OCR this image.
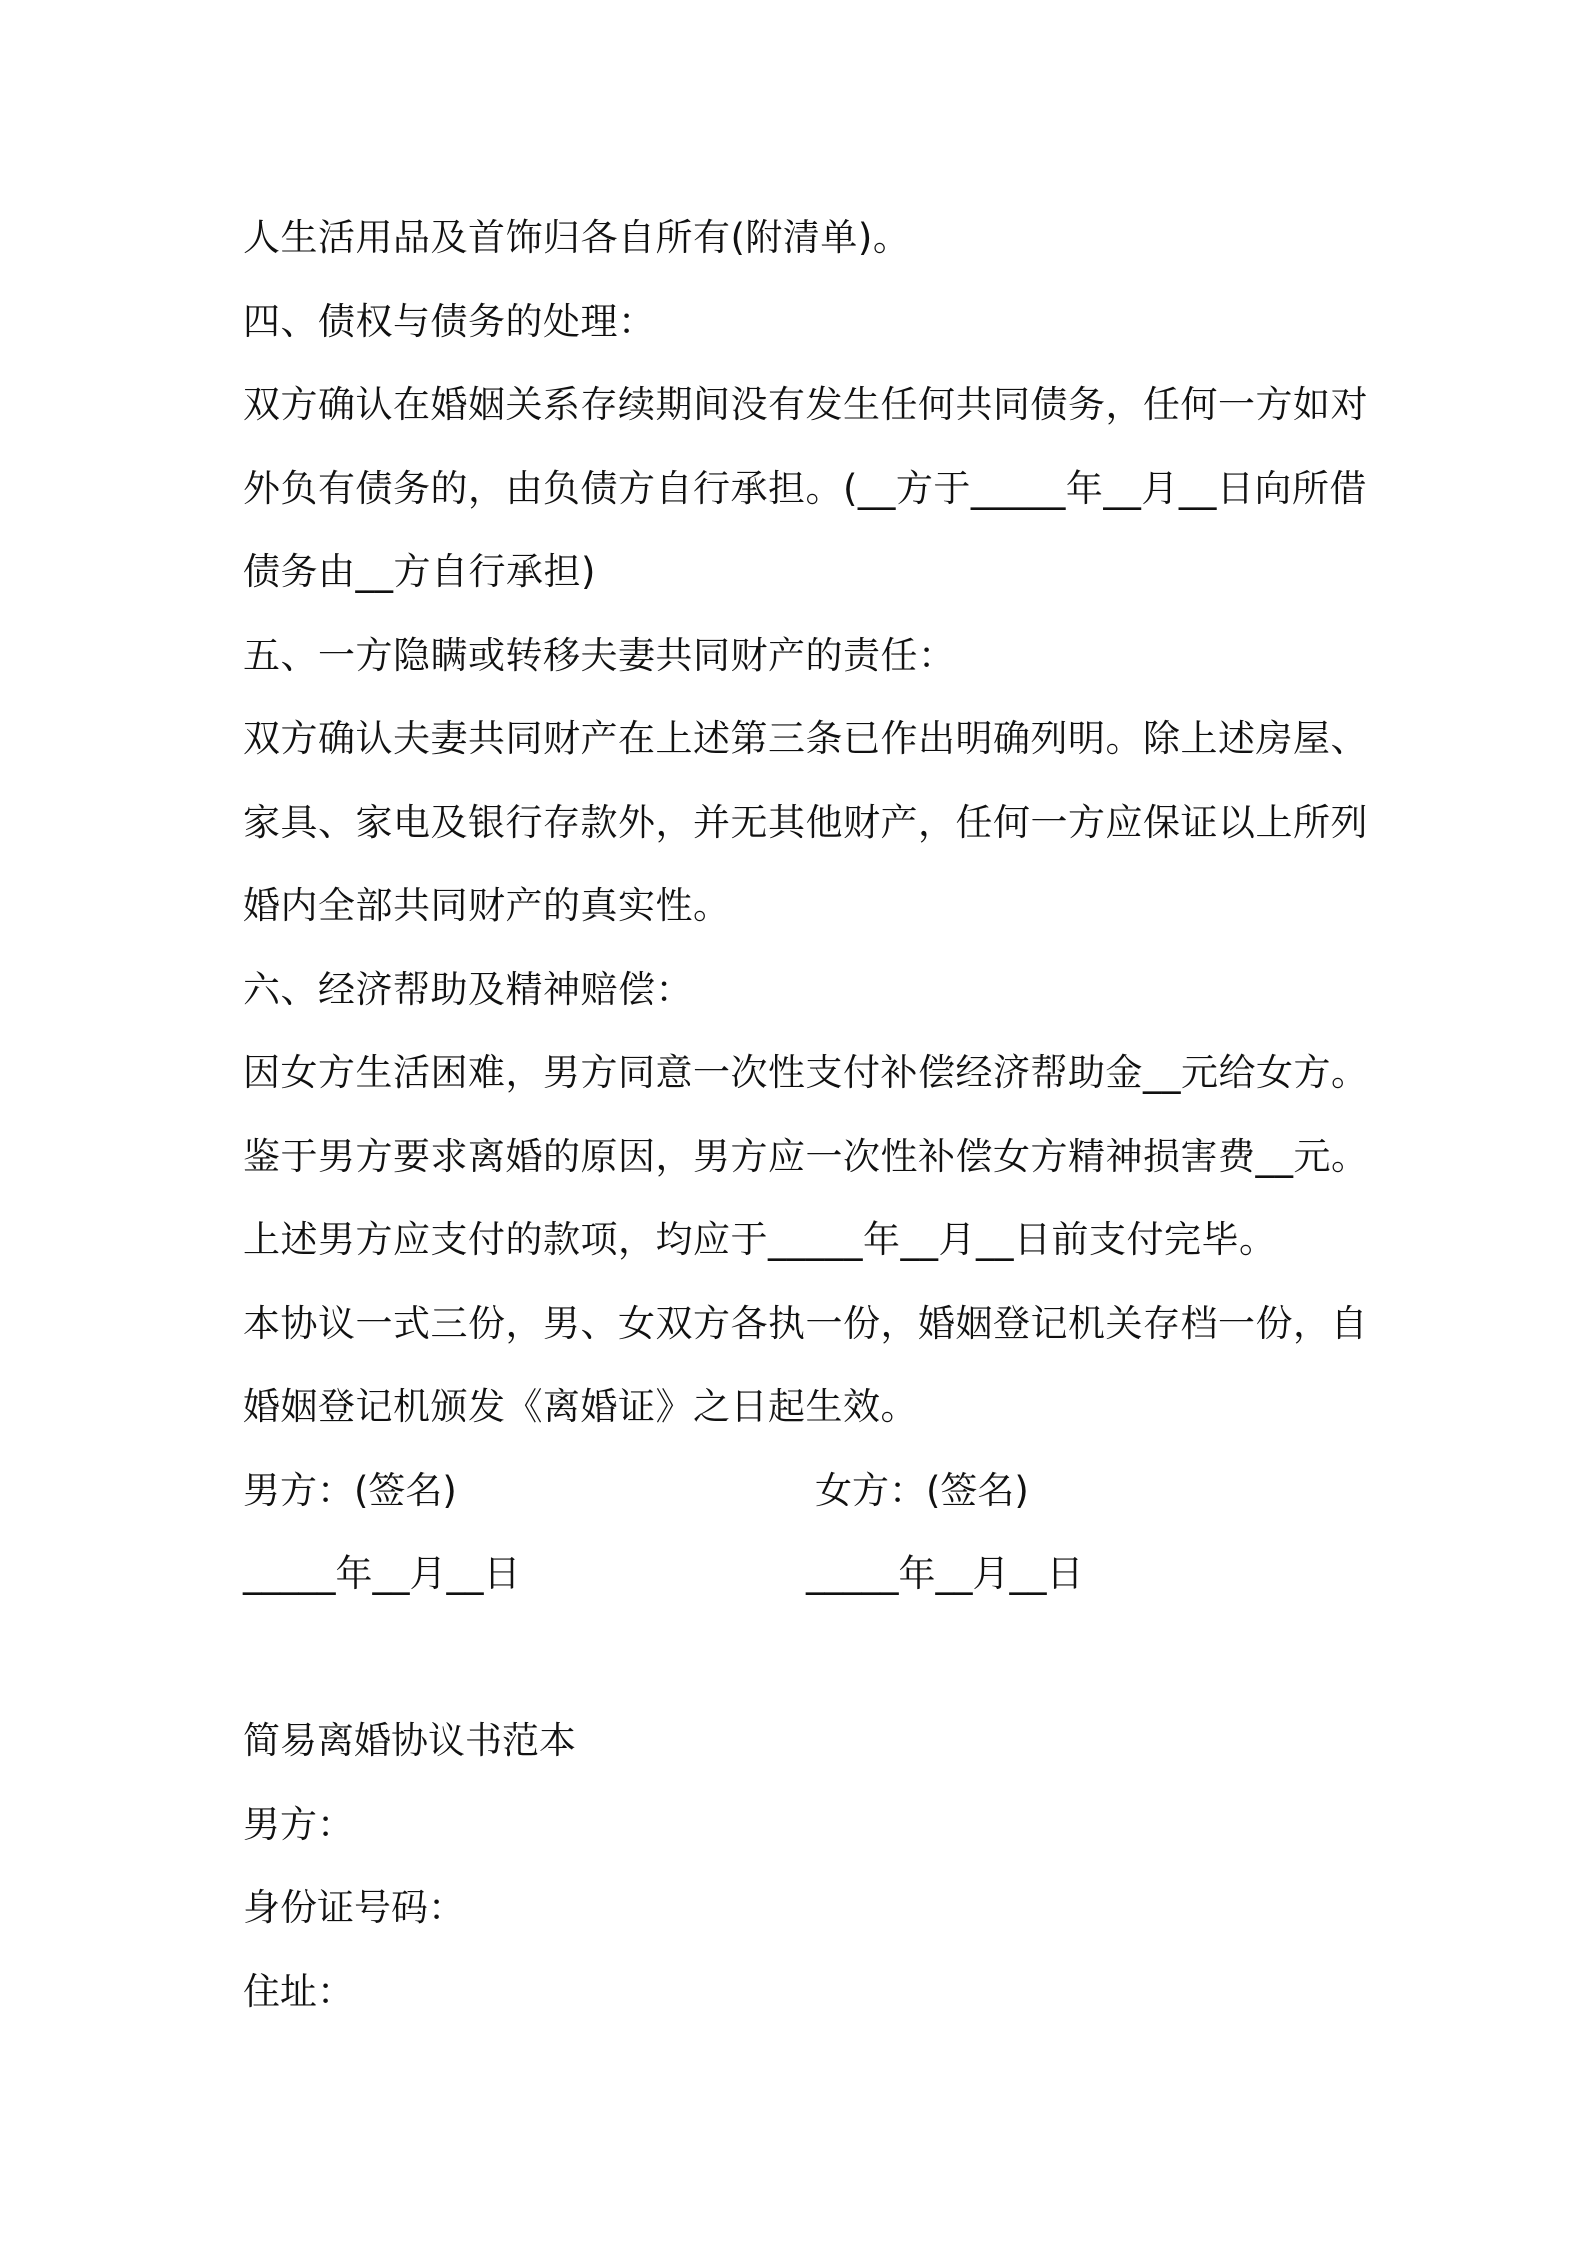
人生活用品及首饰归各自所有(附清单)。
四、债权与债务的处理：
双方确认在婚姻关系存续期间没有发生任何共同债务，任何一方如对
外负有债务的，由负债方自行承担。(__方于_____年__月__日向所借
债务由__方自行承担)
五、一方隐瞒或转移夫妻共同财产的责任：
双方确认夫妻共同财产在上述第三条已作出明确列明。除上述房屋、
家具、家电及银行存款外，并无其他财产，任何一方应保证以上所列
婚内全部共同财产的真实性。
六、经济帮助及精神赔偿：
因女方生活困难，男方同意一次性支付补偿经济帮助金__元给女方。
鉴于男方要求离婚的原因，男方应一次性补偿女方精神损害费__元。
上述男方应支付的款项，均应于_____年__月__日前支付完毕。
本协议一式三份，男、女双方各执一份，婚姻登记机关存档一份，自
婚姻登记机颁发《离婚证》之日起生效。
男方：(签名)	女方：(签名)
_____年__月__日	_____年__月__日
简易离婚协议书范本
男方：
身份证号码：
住址：
